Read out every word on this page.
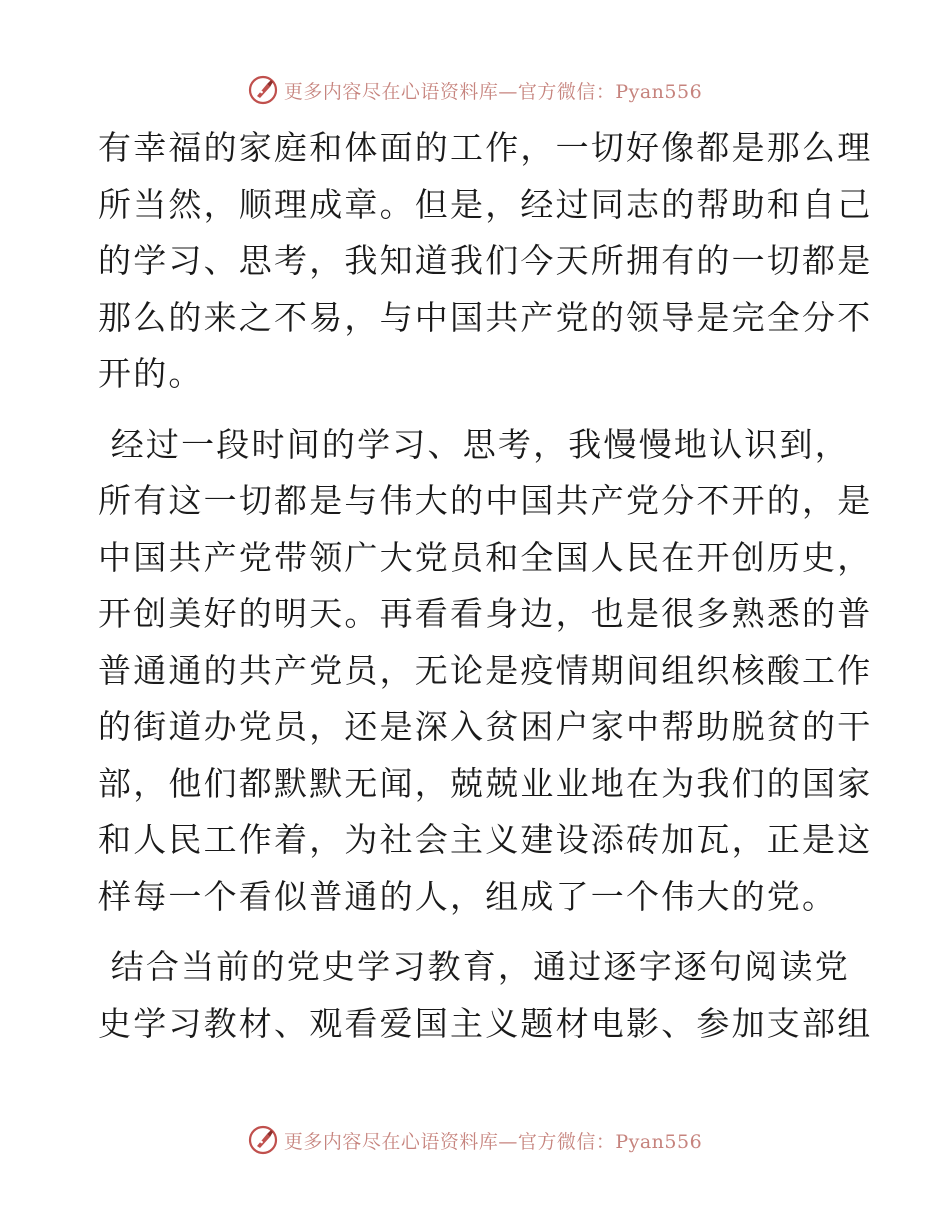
更多内容尽在心语资料库—官方微信：Pyan556

有幸福的家庭和体面的工作，一切好像都是那么理
所当然，顺理成章。但是，经过同志的帮助和自己
的学习、思考，我知道我们今天所拥有的一切都是
那么的来之不易，与中国共产党的领导是完全分不
开的。

经过一段时间的学习、思考，我慢慢地认识到，
所有这一切都是与伟大的中国共产党分不开的，是
中国共产党带领广大党员和全国人民在开创历史，
开创美好的明天。再看看身边，也是很多熟悉的普
普通通的共产党员，无论是疫情期间组织核酸工作
的街道办党员，还是深入贫困户家中帮助脱贫的干
部，他们都默默无闻，兢兢业业地在为我们的国家
和人民工作着，为社会主义建设添砖加瓦，正是这
样每一个看似普通的人，组成了一个伟大的党。

结合当前的党史学习教育，通过逐字逐句阅读党
史学习教材、观看爱国主义题材电影、参加支部组

更多内容尽在心语资料库—官方微信：Pyan556
